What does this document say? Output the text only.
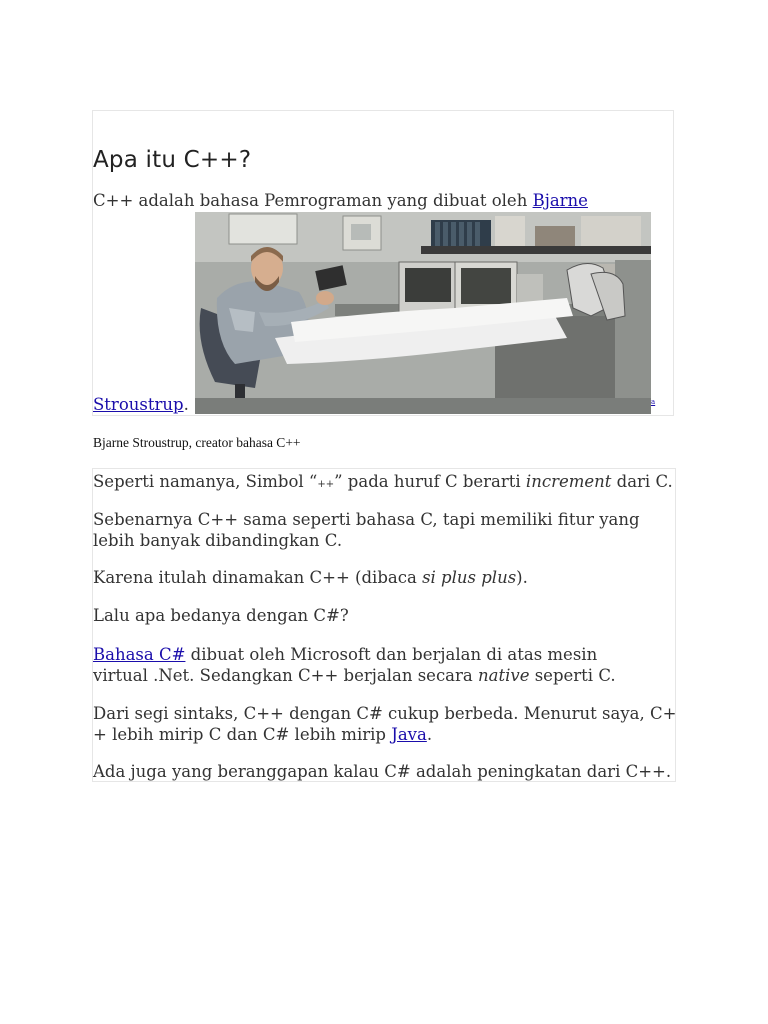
Apa itu C++?
C++ adalah bahasa Pemrograman yang dibuat oleh Bjarne
Stroustrup.	a
Bjarne Stroustrup, creator bahasa C++

Seperti namanya, Simbol “++” pada huruf C berarti increment dari C.

Sebenarnya C++ sama seperti bahasa C, tapi memiliki fitur yang
lebih banyak dibandingkan C.

Karena itulah dinamakan C++ (dibaca si plus plus).

Lalu apa bedanya dengan C#?

Bahasa C# dibuat oleh Microsoft dan berjalan di atas mesin
virtual .Net. Sedangkan C++ berjalan secara native seperti C.

Dari segi sintaks, C++ dengan C# cukup berbeda. Menurut saya, C+
+ lebih mirip C dan C# lebih mirip Java.

Ada juga yang beranggapan kalau C# adalah peningkatan dari C++.
